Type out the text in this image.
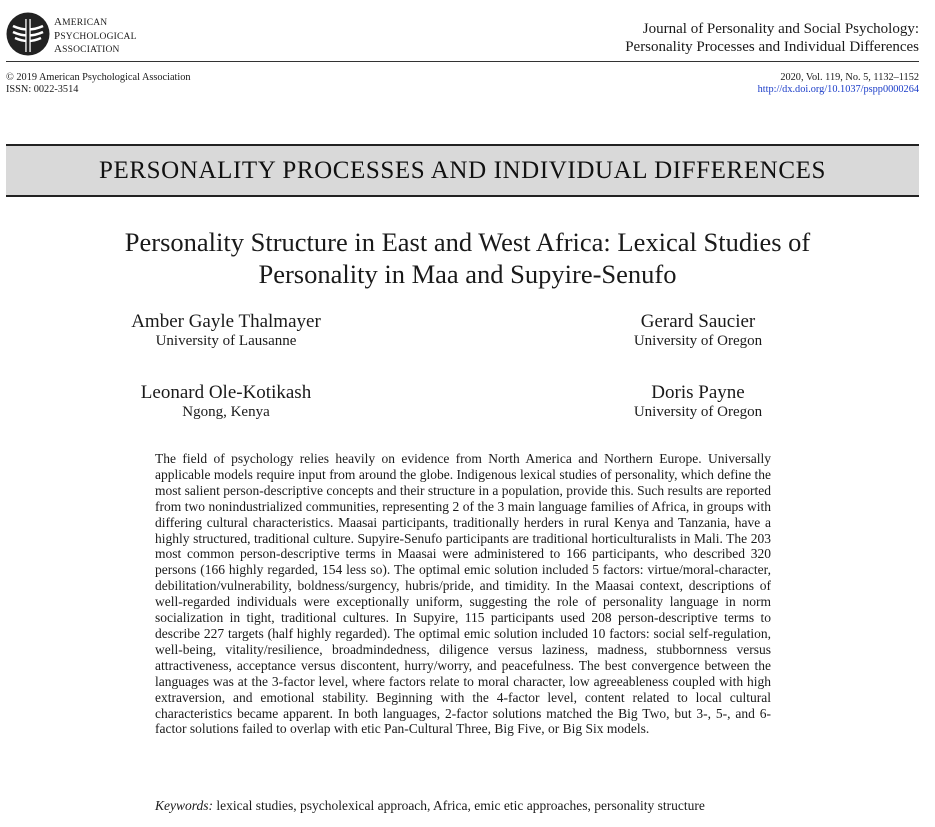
AMERICAN
PSYCHOLOGICAL
ASSOCIATION
Journal of Personality and Social Psychology:
Personality Processes and Individual Differences
© 2019 American Psychological Association
ISSN: 0022-3514
2020, Vol. 119, No. 5, 1132–1152
http://dx.doi.org/10.1037/pspp0000264
PERSONALITY PROCESSES AND INDIVIDUAL DIFFERENCES
Personality Structure in East and West Africa: Lexical Studies of
Personality in Maa and Supyire-Senufo
Amber Gayle Thalmayer
University of Lausanne
Gerard Saucier
University of Oregon
Leonard Ole-Kotikash
Ngong, Kenya
Doris Payne
University of Oregon

The field of psychology relies heavily on evidence from North America and Northern Europe. Universally applicable models require input from around the globe. Indigenous lexical studies of personality, which define the most salient person-descriptive concepts and their structure in a population, provide this. Such results are reported from two nonindustrialized communities, representing 2 of the 3 main language families of Africa, in groups with differing cultural characteristics. Maasai participants, traditionally herders in rural Kenya and Tanzania, have a highly structured, traditional culture. Supyire-Senufo participants are traditional horticulturalists in Mali. The 203 most common person-descriptive terms in Maasai were administered to 166 participants, who described 320 persons (166 highly regarded, 154 less so). The optimal emic solution included 5 factors: virtue/moral-character, debilitation/vulnerability, boldness/surgency, hubris/pride, and timidity. In the Maasai context, descriptions of well-regarded individuals were exceptionally uniform, suggesting the role of personality language in norm socialization in tight, traditional cultures. In Supyire, 115 participants used 208 person-descriptive terms to describe 227 targets (half highly regarded). The optimal emic solution included 10 factors: social self-regulation, well-being, vitality/resilience, broadmindedness, diligence versus laziness, madness, stubbornness versus attractiveness, acceptance versus discontent, hurry/worry, and peacefulness. The best convergence between the languages was at the 3-factor level, where factors relate to moral character, low agreeableness coupled with high extraversion, and emotional stability. Beginning with the 4-factor level, content related to local cultural characteristics became apparent. In both languages, 2-factor solutions matched the Big Two, but 3-, 5-, and 6-factor solutions failed to overlap with etic Pan-Cultural Three, Big Five, or Big Six models.

Keywords: lexical studies, psycholexical approach, Africa, emic etic approaches, personality structure
